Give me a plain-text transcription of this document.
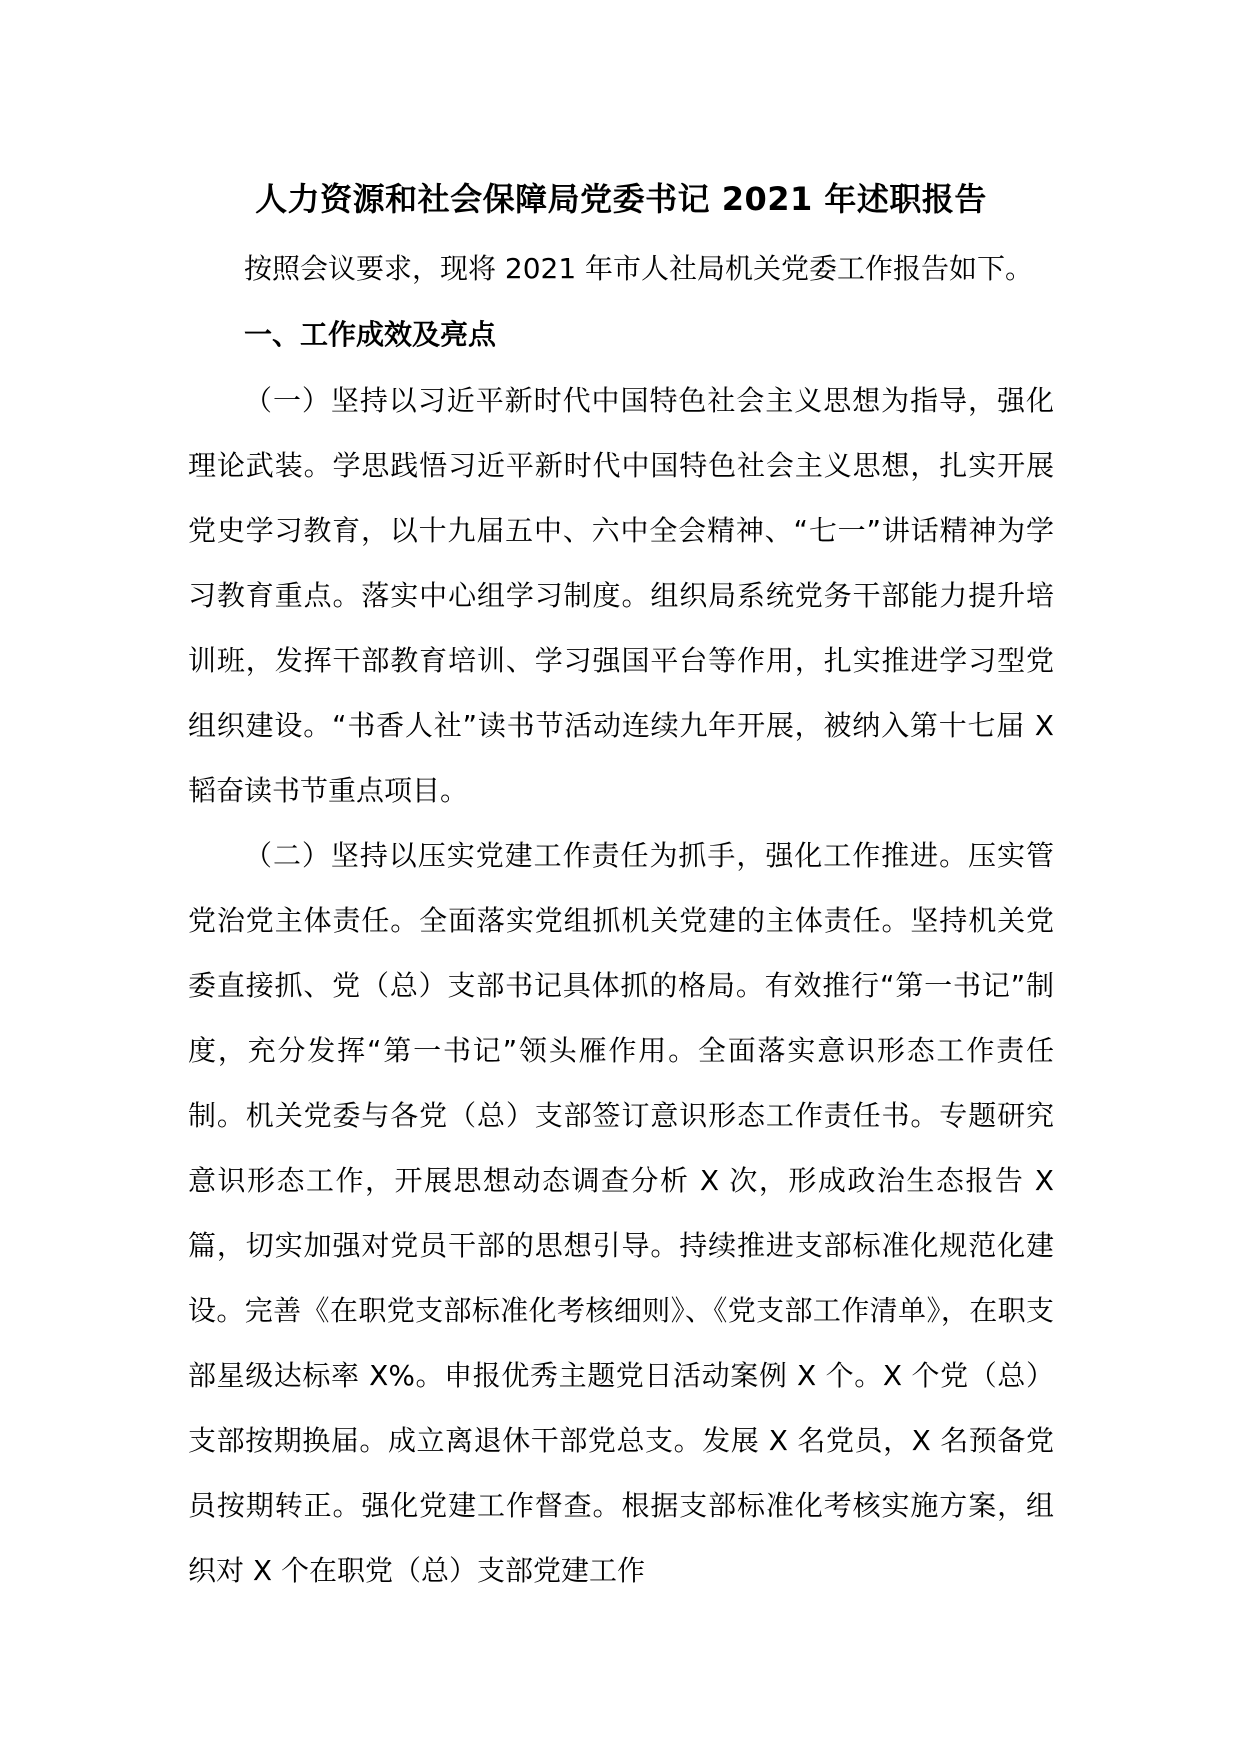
人力资源和社会保障局党委书记 2021 年述职报告

按照会议要求，现将 2021 年市人社局机关党委工作报告如下。

一、工作成效及亮点

（一）坚持以习近平新时代中国特色社会主义思想为指导，强化理论武装。学思践悟习近平新时代中国特色社会主义思想，扎实开展党史学习教育，以十九届五中、六中全会精神、“七一”讲话精神为学习教育重点。落实中心组学习制度。组织局系统党务干部能力提升培训班，发挥干部教育培训、学习强国平台等作用，扎实推进学习型党组织建设。“书香人社”读书节活动连续九年开展，被纳入第十七届 X 韬奋读书节重点项目。

（二）坚持以压实党建工作责任为抓手，强化工作推进。压实管党治党主体责任。全面落实党组抓机关党建的主体责任。坚持机关党委直接抓、党（总）支部书记具体抓的格局。有效推行“第一书记”制度，充分发挥“第一书记”领头雁作用。全面落实意识形态工作责任制。机关党委与各党（总）支部签订意识形态工作责任书。专题研究意识形态工作，开展思想动态调查分析 X 次，形成政治生态报告 X 篇，切实加强对党员干部的思想引导。持续推进支部标准化规范化建设。完善《在职党支部标准化考核细则》、《党支部工作清单》，在职支部星级达标率 X%。申报优秀主题党日活动案例 X 个。X 个党（总）支部按期换届。成立离退休干部党总支。发展 X 名党员，X 名预备党员按期转正。强化党建工作督查。根据支部标准化考核实施方案，组织对 X 个在职党（总）支部党建工作
